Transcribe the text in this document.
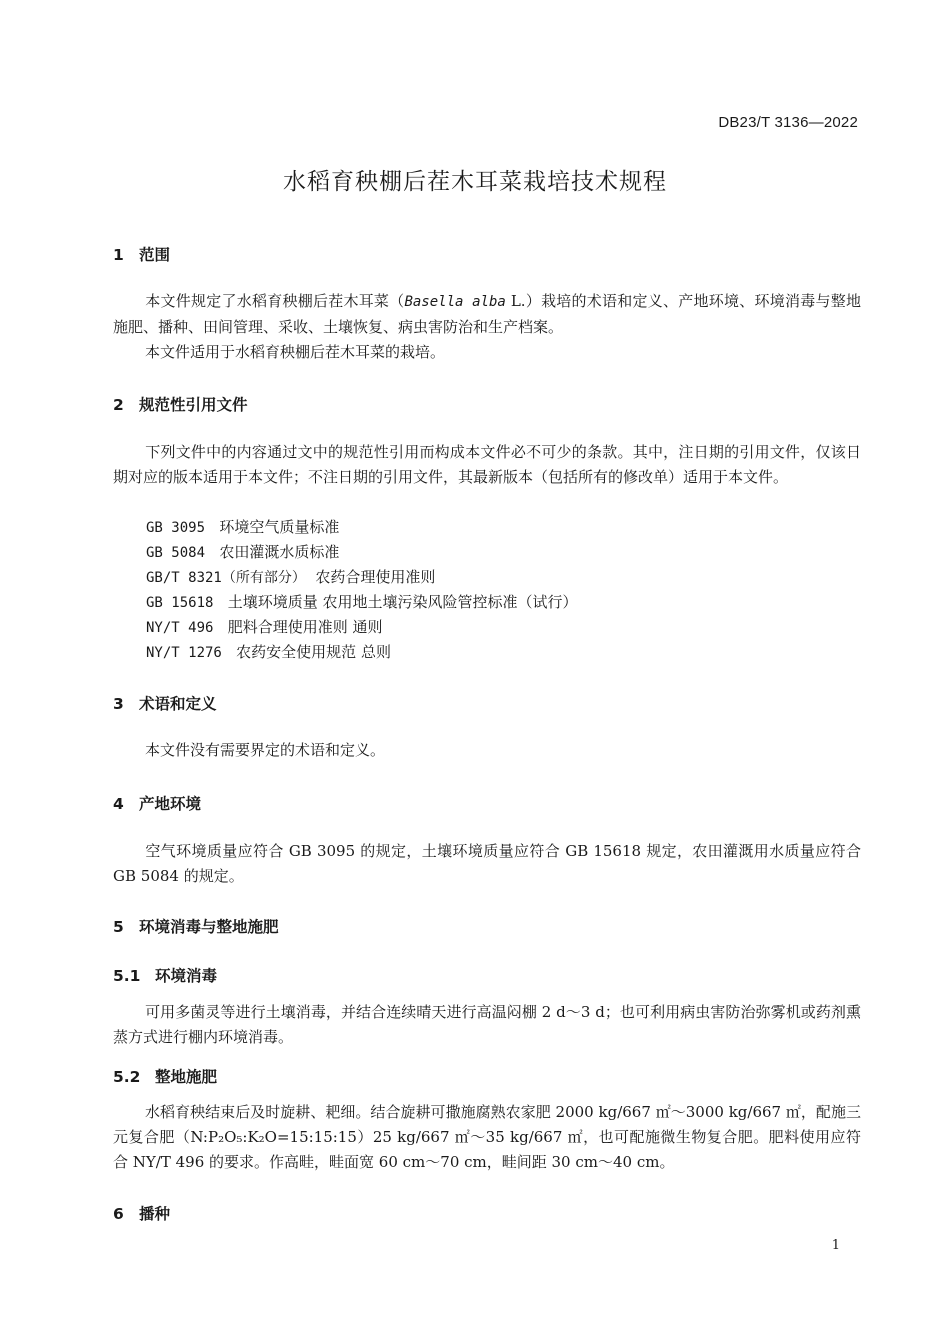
DB23/T 3136—2022
水稻育秧棚后茬木耳菜栽培技术规程
1 范围
本文件规定了水稻育秧棚后茬木耳菜（Basella alba L.）栽培的术语和定义、产地环境、环境消毒与整地施肥、播种、田间管理、采收、土壤恢复、病虫害防治和生产档案。
本文件适用于水稻育秧棚后茬木耳菜的栽培。
2 规范性引用文件
下列文件中的内容通过文中的规范性引用而构成本文件必不可少的条款。其中，注日期的引用文件，仅该日期对应的版本适用于本文件；不注日期的引用文件，其最新版本（包括所有的修改单）适用于本文件。
GB 3095 环境空气质量标准
GB 5084 农田灌溉水质标准
GB/T 8321（所有部分） 农药合理使用准则
GB 15618 土壤环境质量 农用地土壤污染风险管控标准（试行）
NY/T 496 肥料合理使用准则 通则
NY/T 1276 农药安全使用规范 总则
3 术语和定义
本文件没有需要界定的术语和定义。
4 产地环境
空气环境质量应符合 GB 3095 的规定，土壤环境质量应符合 GB 15618 规定，农田灌溉用水质量应符合 GB 5084 的规定。
5 环境消毒与整地施肥
5.1 环境消毒
可用多菌灵等进行土壤消毒，并结合连续晴天进行高温闷棚 2 d～3 d；也可利用病虫害防治弥雾机或药剂熏蒸方式进行棚内环境消毒。
5.2 整地施肥
水稻育秧结束后及时旋耕、耙细。结合旋耕可撒施腐熟农家肥 2000 kg/667 ㎡～3000 kg/667 ㎡，配施三元复合肥（N:P₂O₅:K₂O=15:15:15）25 kg/667 ㎡～35 kg/667 ㎡，也可配施微生物复合肥。肥料使用应符合 NY/T 496 的要求。作高畦，畦面宽 60 cm～70 cm，畦间距 30 cm～40 cm。
6 播种
1
